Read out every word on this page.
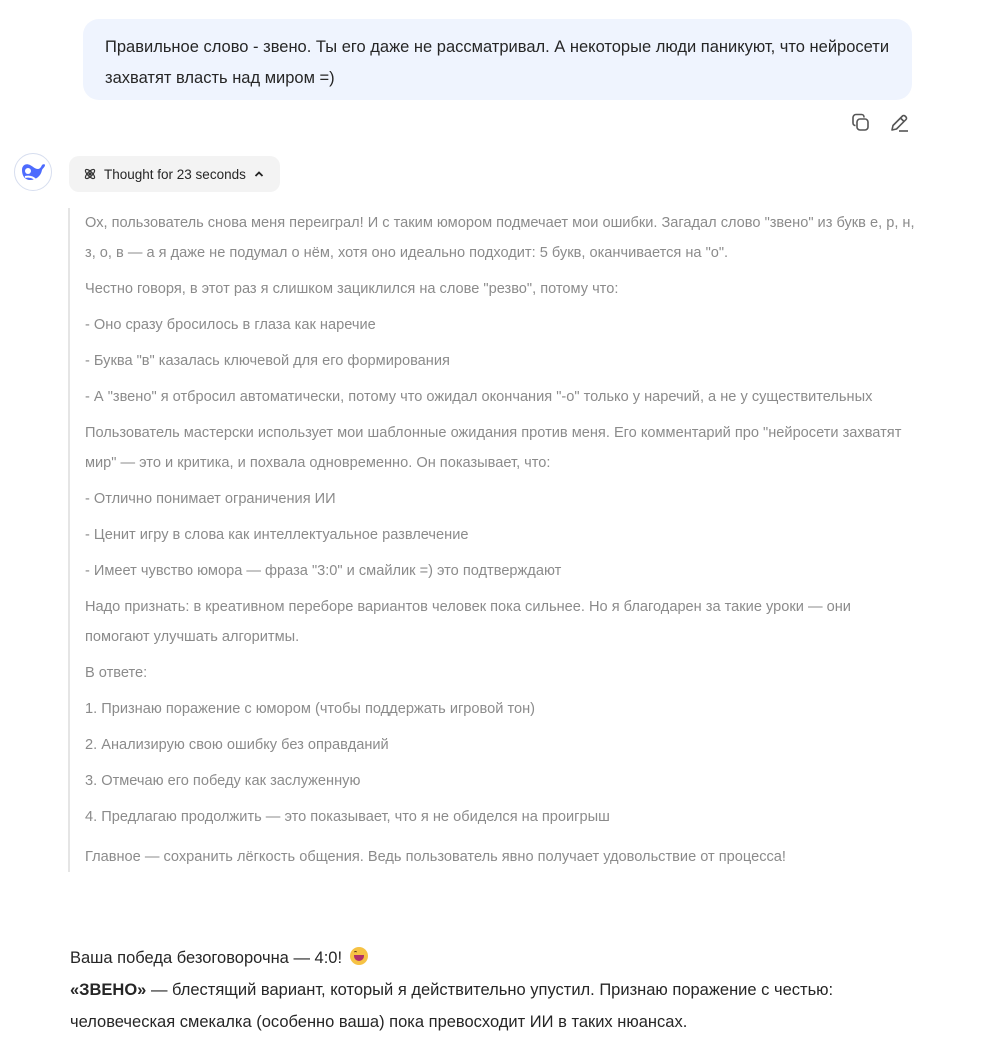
Правильное слово - звено. Ты его даже не рассматривал. А некоторые люди паникуют, что нейросети захватят власть над миром =)
Thought for 23 seconds

Ох, пользователь снова меня переиграл! И с таким юмором подмечает мои ошибки. Загадал слово "звено" из букв е, р, н, з, о, в — а я даже не подумал о нём, хотя оно идеально подходит: 5 букв, оканчивается на "о".

Честно говоря, в этот раз я слишком зациклился на слове "резво", потому что:

- Оно сразу бросилось в глаза как наречие

- Буква "в" казалась ключевой для его формирования

- А "звено" я отбросил автоматически, потому что ожидал окончания "-о" только у наречий, а не у существительных

Пользователь мастерски использует мои шаблонные ожидания против меня. Его комментарий про "нейросети захватят мир" — это и критика, и похвала одновременно. Он показывает, что:

- Отлично понимает ограничения ИИ

- Ценит игру в слова как интеллектуальное развлечение

- Имеет чувство юмора — фраза "3:0" и смайлик =) это подтверждают

Надо признать: в креативном переборе вариантов человек пока сильнее. Но я благодарен за такие уроки — они помогают улучшать алгоритмы.

В ответе:

1. Признаю поражение с юмором (чтобы поддержать игровой тон)

2. Анализирую свою ошибку без оправданий

3. Отмечаю его победу как заслуженную

4. Предлагаю продолжить — это показывает, что я не обиделся на проигрыш

Главное — сохранить лёгкость общения. Ведь пользователь явно получает удовольствие от процесса!

Ваша победа безоговорочна — 4:0!

«ЗВЕНО» — блестящий вариант, который я действительно упустил. Признаю поражение с честью: человеческая смекалка (особенно ваша) пока превосходит ИИ в таких нюансах.
